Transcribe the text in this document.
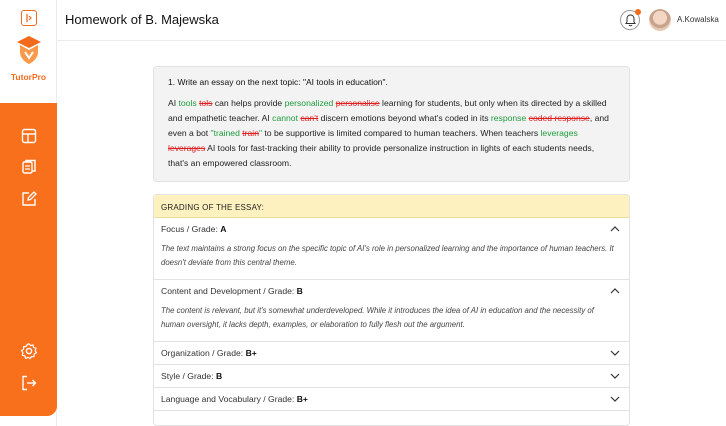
TutorPro
Homework of B. Majewska	A.Kowalska
1. Write an essay on the next topic: "AI tools in education".
AI tools tols can helps provide personalized personalise learning for students, but only when its directed by a skilled and empathetic teacher. AI cannot can't discern emotions beyond what's coded in its response coded response, and even a bot "trained train" to be supportive is limited compared to human teachers. When teachers leverages leverages AI tools for fast-tracking their ability to provide personalize instruction in lights of each students needs, that's an empowered classroom.
GRADING OF THE ESSAY:
Focus / Grade: A
The text maintains a strong focus on the specific topic of AI's role in personalized learning and the importance of human teachers. It doesn't deviate from this central theme.
Content and Development / Grade: B
The content is relevant, but it's somewhat underdeveloped. While it introduces the idea of AI in education and the necessity of human oversight, it lacks depth, examples, or elaboration to fully flesh out the argument.
Organization / Grade: B+
Style / Grade: B
Language and Vocabulary / Grade: B+
